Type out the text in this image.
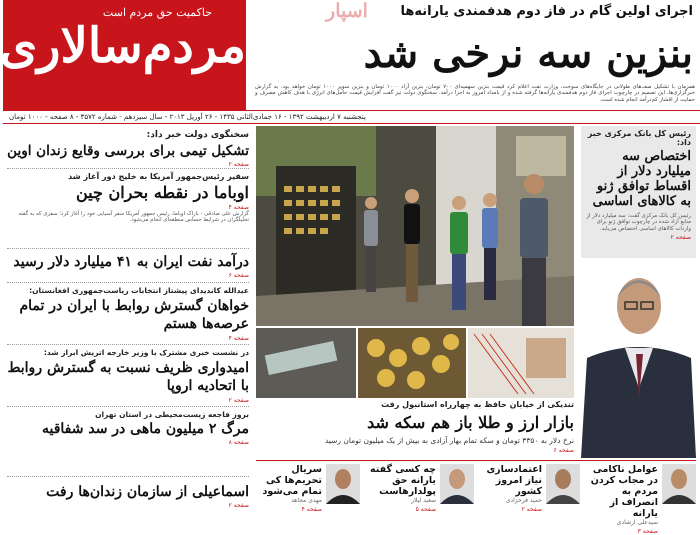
حاکمیت حق مردم است
مردم‌سالاری
پنجشنبه ۷ اردیبهشت ۱۳۹۲ - ۱۶ جمادی‌الثانی ۱۴۳۵ - ۲۶ آوریل ۲۰۱۳ - سال سیزدهم - شماره ۳۵۷۲ - ۸ صفحه - ۱۰۰۰ تومان
اسپار	اجرای اولین گام در فاز دوم هدفمندی یارانه‌ها
بنزین سه نرخی شد
همزمان با تشکیل صف‌های طولانی در جایگاه‌های سوخت، وزارت نفت اعلام کرد قیمت بنزین سهمیه‌ای ۷۰۰ تومان، بنزین آزاد ۱۰۰۰ تومان و بنزین سوپر ۱۰۰۰ تومان خواهد بود. به گزارش خبرگزاری‌ها، این تصمیم در چارچوب اجرای فاز دوم هدفمندی یارانه‌ها گرفته شده و از بامداد امروز به اجرا درآمد. سخنگوی دولت نیز گفت افزایش قیمت حامل‌های انرژی با هدف کاهش مصرف و حمایت از اقشار کم‌درآمد انجام شده است.
سخنگوی دولت خبر داد:
تشکیل تیمی برای بررسی وقایع زندان اوین
صفحه ۲
سفیر رئیس‌جمهور آمریکا به خلیج دور آغاز شد
اوباما در نقطه بحران چین
صفحه ۴
گزارش علی صادقی - باراک اوباما، رئیس جمهور آمریکا سفر آسیایی خود را آغاز کرد؛ سفری که به گفته تحلیلگران در شرایط حساس منطقه‌ای انجام می‌شود.
درآمد نفت ایران به ۴۱ میلیارد دلار رسید
صفحه ۶
عبدالله کاندیدای پیشتاز انتخابات ریاست‌جمهوری افغانستان:
خواهان گسترش روابط با ایران در تمام عرصه‌ها هستم
صفحه ۴
در نشست خبری مشترک با وزیر خارجه اتریش ابراز شد:
امیدواری ظریف نسبت به گسترش روابط با اتحادیه اروپا
صفحه ۲
بروز فاجعه زیست‌محیطی در استان تهران
مرگ ۲ میلیون ماهی در سد شفاقیه
صفحه ۸
اسماعیلی از سازمان زندان‌ها رفت
صفحه ۲
تندیکی از خیابان حافظ به چهارراه استانبول رفت
بازار ارز و طلا باز هم سکه شد
نرخ دلار به ۳۳۵۰ تومان و سکه تمام بهار آزادی به بیش از یک میلیون تومان رسید
صفحه ۶
رئیس کل بانک مرکزی خبر داد:
اختصاص سه میلیارد دلار از اقساط توافق ژنو به کالاهای اساسی
رئیس کل بانک مرکزی گفت: سه میلیارد دلار از منابع آزاد شده در چارچوب توافق ژنو برای واردات کالاهای اساسی اختصاص می‌یابد.
صفحه ۲
عوامل ناکامی در مجاب کردن مردم به انصراف از یارانه
سیدعلی ارشادی
صفحه ۳
اعتمادسازی نیاز امروز کشور
حمید فرخزادی
صفحه ۲
چه کسی گفته یارانه حق پولدارهاست
سعید لیلاز
صفحه ۵
سریال تحریم‌ها کی تمام می‌شود
مهدی مجاهد
صفحه ۴
